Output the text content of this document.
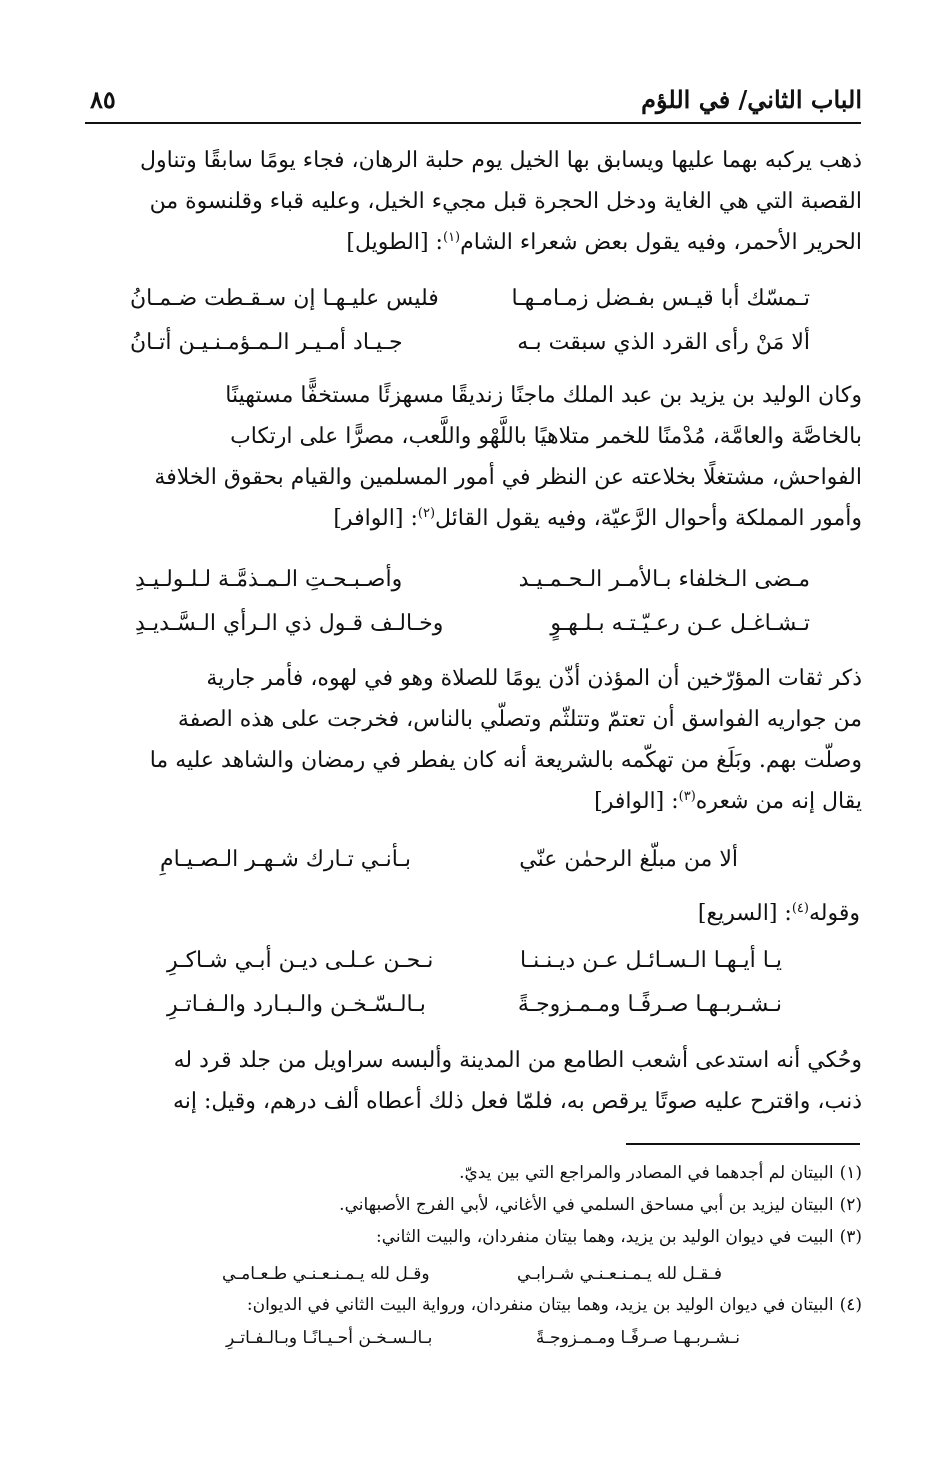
الباب الثاني/ في اللؤم
٨٥
ذهب يركبه بهما عليها ويسابق بها الخيل يوم حلبة الرهان، فجاء يومًا سابقًا وتناول
القصبة التي هي الغاية ودخل الحجرة قبل مجيء الخيل، وعليه قباء وقلنسوة من
الحرير الأحمر، وفيه يقول بعض شعراء الشام$^{(١)}$: [الطويل]
تـمسّك أبا قيـس بفـضل زمـامـهـا
فليس عليـهـا إن سـقـطت ضـمـانُ
ألا مَنْ رأى القرد الذي سبقت بـه
جـيـاد أمـيـر الـمـؤمـنـيـن أتـانُ
وكان الوليد بن يزيد بن عبد الملك ماجنًا زنديقًا مسهزئًا مستخفًّا مستهينًا
بالخاصَّة والعامَّة، مُدْمنًا للخمر متلاهيًا باللَّهْو واللَّعب، مصرًّا على ارتكاب
الفواحش، مشتغلًا بخلاعته عن النظر في أمور المسلمين والقيام بحقوق الخلافة
وأمور المملكة وأحوال الرَّعيّة، وفيه يقول القائل$^{(٢)}$: [الوافر]
مـضى الـخلفاء بـالأمـر الـحـمـيـد
وأصـبـحـتِ الـمـذمَّـة لـلـولـيـدِ
تـشـاغـل عـن رعـيّـتـه بـلـهـوٍ
وخـالـف قـول ذي الـرأي الـسَّـديـدِ
ذكر ثقات المؤرّخين أن المؤذن أذّن يومًا للصلاة وهو في لهوه، فأمر جارية
من جواريه الفواسق أن تعتمّ وتتلثّم وتصلّي بالناس، فخرجت على هذه الصفة
وصلّت بهم. وبَلَغ من تهكّمه بالشريعة أنه كان يفطر في رمضان والشاهد عليه ما
يقال إنه من شعره$^{(٣)}$: [الوافر]
ألا من مبلّغ الرحمٰن عنّي
بـأنـي تـارك شـهـر الـصـيـامِ
وقوله$^{(٤)}$: [السريع]
يـا أيـهـا الـسـائـل عـن ديـنـنـا
نـحـن عـلـى ديـن أبـي شـاكـرِ
نـشـربـهـا صـرفًـا ومـمـزوجـةً
بـالـسّـخـن والـبـارد والـفـاتـرِ
وحُكي أنه استدعى أشعب الطامع من المدينة وألبسه سراويل من جلد قرد له
ذنب، واقترح عليه صوتًا يرقص به، فلمّا فعل ذلك أعطاه ألف درهم، وقيل: إنه
(١)البيتان لم أجدهما في المصادر والمراجع التي بين يديّ.
(٢)البيتان ليزيد بن أبي مساحق السلمي في الأغاني، لأبي الفرج الأصبهاني.
(٣)البيت في ديوان الوليد بن يزيد، وهما بيتان منفردان، والبيت الثاني:
فـقـل لله يـمـنـعـنـي شـرابـي
وقـل لله يـمـنـعـنـي طـعـامـي
(٤)البيتان في ديوان الوليد بن يزيد، وهما بيتان منفردان، ورواية البيت الثاني في الديوان:
نـشـربـهـا صـرفًـا ومـمـزوجـةً
بـالـسـخـن أحـيـانًـا وبـالـفـاتـرِ
